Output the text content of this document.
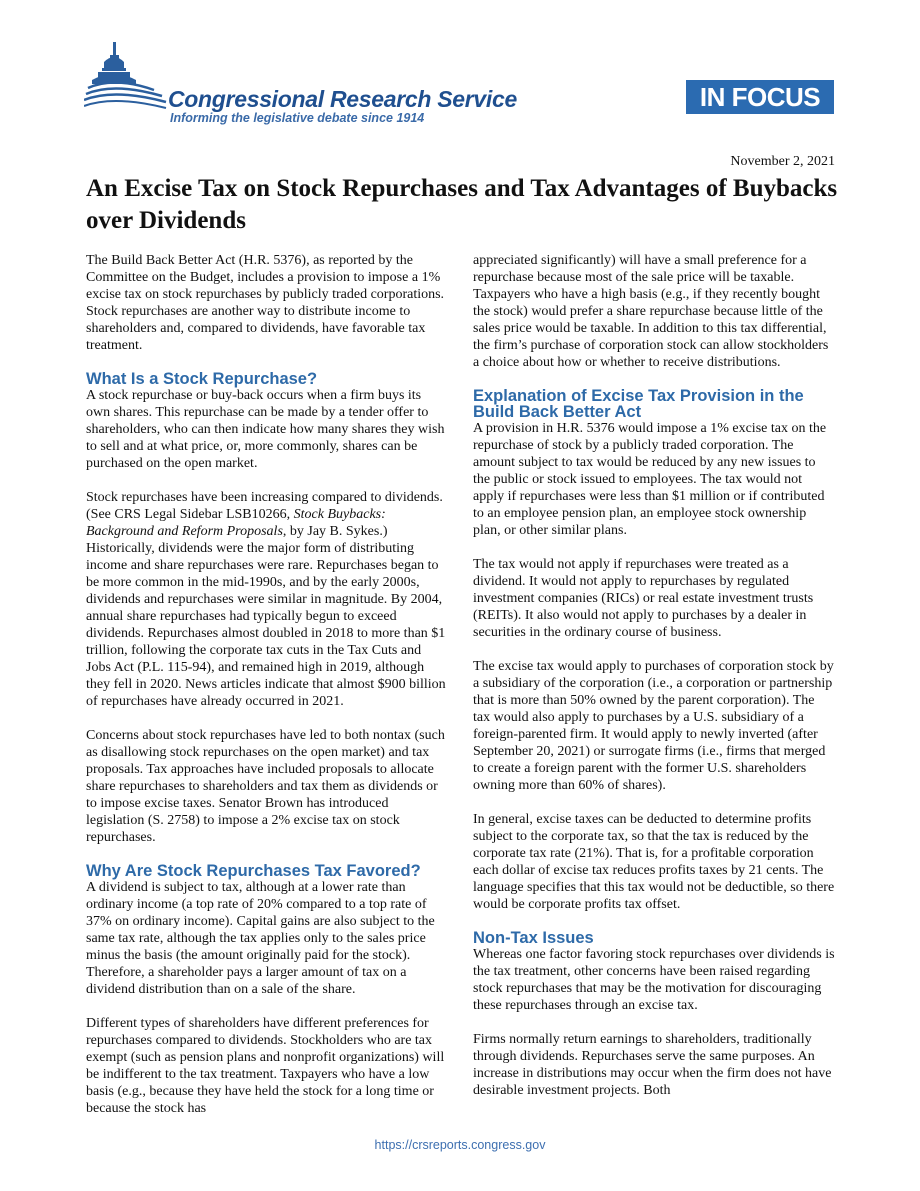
Congressional Research Service
Informing the legislative debate since 1914
IN FOCUS
November 2, 2021
An Excise Tax on Stock Repurchases and Tax Advantages of Buybacks over Dividends

The Build Back Better Act (H.R. 5376), as reported by the Committee on the Budget, includes a provision to impose a 1% excise tax on stock repurchases by publicly traded corporations. Stock repurchases are another way to distribute income to shareholders and, compared to dividends, have favorable tax treatment.

What Is a Stock Repurchase?

A stock repurchase or buy-back occurs when a firm buys its own shares. This repurchase can be made by a tender offer to shareholders, who can then indicate how many shares they wish to sell and at what price, or, more commonly, shares can be purchased on the open market.

Stock repurchases have been increasing compared to dividends. (See CRS Legal Sidebar LSB10266, Stock Buybacks: Background and Reform Proposals, by Jay B. Sykes.) Historically, dividends were the major form of distributing income and share repurchases were rare. Repurchases began to be more common in the mid-1990s, and by the early 2000s, dividends and repurchases were similar in magnitude. By 2004, annual share repurchases had typically begun to exceed dividends. Repurchases almost doubled in 2018 to more than $1 trillion, following the corporate tax cuts in the Tax Cuts and Jobs Act (P.L. 115-94), and remained high in 2019, although they fell in 2020. News articles indicate that almost $900 billion of repurchases have already occurred in 2021.

Concerns about stock repurchases have led to both nontax (such as disallowing stock repurchases on the open market) and tax proposals. Tax approaches have included proposals to allocate share repurchases to shareholders and tax them as dividends or to impose excise taxes. Senator Brown has introduced legislation (S. 2758) to impose a 2% excise tax on stock repurchases.

Why Are Stock Repurchases Tax Favored?

A dividend is subject to tax, although at a lower rate than ordinary income (a top rate of 20% compared to a top rate of 37% on ordinary income). Capital gains are also subject to the same tax rate, although the tax applies only to the sales price minus the basis (the amount originally paid for the stock). Therefore, a shareholder pays a larger amount of tax on a dividend distribution than on a sale of the share.

Different types of shareholders have different preferences for repurchases compared to dividends. Stockholders who are tax exempt (such as pension plans and nonprofit organizations) will be indifferent to the tax treatment. Taxpayers who have a low basis (e.g., because they have held the stock for a long time or because the stock has

appreciated significantly) will have a small preference for a repurchase because most of the sale price will be taxable. Taxpayers who have a high basis (e.g., if they recently bought the stock) would prefer a share repurchase because little of the sales price would be taxable. In addition to this tax differential, the firm’s purchase of corporation stock can allow stockholders a choice about how or whether to receive distributions.

Explanation of Excise Tax Provision in the Build Back Better Act

A provision in H.R. 5376 would impose a 1% excise tax on the repurchase of stock by a publicly traded corporation. The amount subject to tax would be reduced by any new issues to the public or stock issued to employees. The tax would not apply if repurchases were less than $1 million or if contributed to an employee pension plan, an employee stock ownership plan, or other similar plans.

The tax would not apply if repurchases were treated as a dividend. It would not apply to repurchases by regulated investment companies (RICs) or real estate investment trusts (REITs). It also would not apply to purchases by a dealer in securities in the ordinary course of business.

The excise tax would apply to purchases of corporation stock by a subsidiary of the corporation (i.e., a corporation or partnership that is more than 50% owned by the parent corporation). The tax would also apply to purchases by a U.S. subsidiary of a foreign-parented firm. It would apply to newly inverted (after September 20, 2021) or surrogate firms (i.e., firms that merged to create a foreign parent with the former U.S. shareholders owning more than 60% of shares).

In general, excise taxes can be deducted to determine profits subject to the corporate tax, so that the tax is reduced by the corporate tax rate (21%). That is, for a profitable corporation each dollar of excise tax reduces profits taxes by 21 cents. The language specifies that this tax would not be deductible, so there would be corporate profits tax offset.

Non-Tax Issues

Whereas one factor favoring stock repurchases over dividends is the tax treatment, other concerns have been raised regarding stock repurchases that may be the motivation for discouraging these repurchases through an excise tax.

Firms normally return earnings to shareholders, traditionally through dividends. Repurchases serve the same purposes. An increase in distributions may occur when the firm does not have desirable investment projects. Both

https://crsreports.congress.gov
